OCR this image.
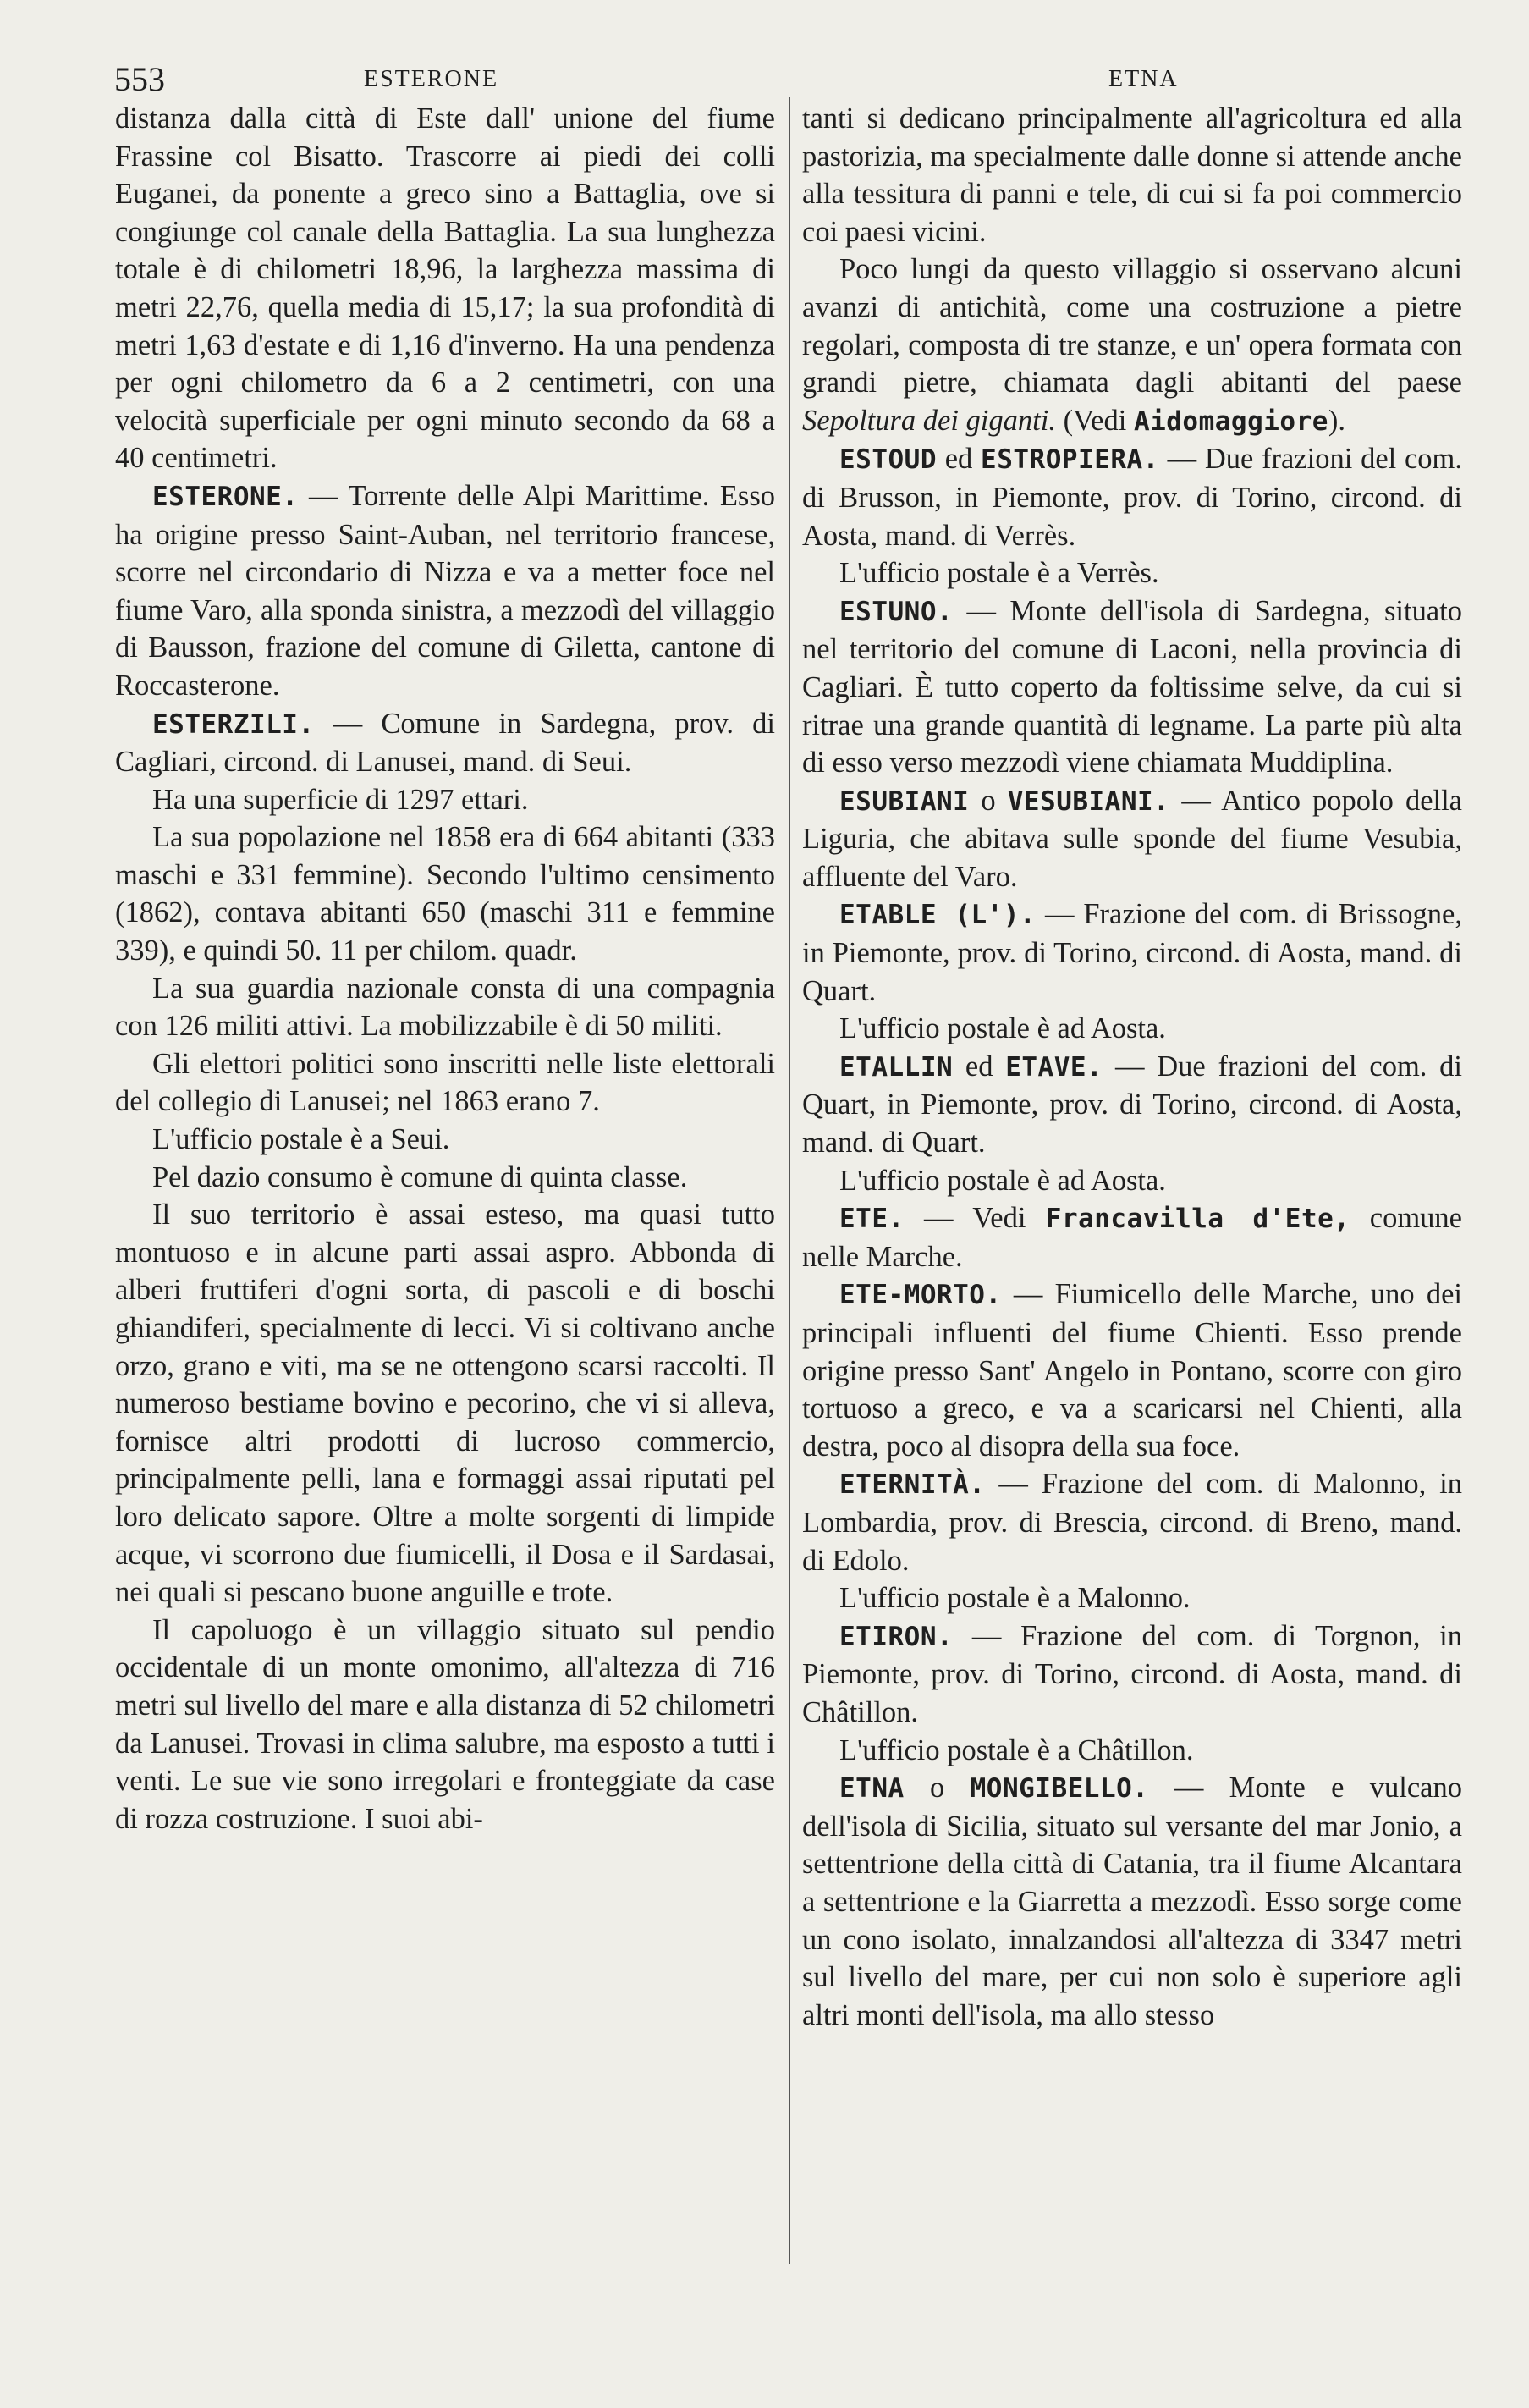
553	ESTERONE	ETNA

distanza dalla città di Este dall' unione del fiume Frassine col Bisatto. Trascorre ai piedi dei colli Euganei, da ponente a greco sino a Battaglia, ove si congiunge col canale della Battaglia. La sua lunghezza totale è di chilometri 18,96, la larghezza massima di metri 22,76, quella media di 15,17; la sua profondità di metri 1,63 d'estate e di 1,16 d'inverno. Ha una pendenza per ogni chilometro da 6 a 2 centimetri, con una velocità superficiale per ogni minuto secondo da 68 a 40 centimetri.

ESTERONE. — Torrente delle Alpi Marittime. Esso ha origine presso Saint-Auban, nel territorio francese, scorre nel circondario di Nizza e va a metter foce nel fiume Varo, alla sponda sinistra, a mezzodì del villaggio di Bausson, frazione del comune di Giletta, cantone di Roccasterone.

ESTERZILI. — Comune in Sardegna, prov. di Cagliari, circond. di Lanusei, mand. di Seui.

Ha una superficie di 1297 ettari.

La sua popolazione nel 1858 era di 664 abitanti (333 maschi e 331 femmine). Secondo l'ultimo censimento (1862), contava abitanti 650 (maschi 311 e femmine 339), e quindi 50. 11 per chilom. quadr.

La sua guardia nazionale consta di una compagnia con 126 militi attivi. La mobilizzabile è di 50 militi.

Gli elettori politici sono inscritti nelle liste elettorali del collegio di Lanusei; nel 1863 erano 7.

L'ufficio postale è a Seui.

Pel dazio consumo è comune di quinta classe.

Il suo territorio è assai esteso, ma quasi tutto montuoso e in alcune parti assai aspro. Abbonda di alberi fruttiferi d'ogni sorta, di pascoli e di boschi ghiandiferi, specialmente di lecci. Vi si coltivano anche orzo, grano e viti, ma se ne ottengono scarsi raccolti. Il numeroso bestiame bovino e pecorino, che vi si alleva, fornisce altri prodotti di lucroso commercio, principalmente pelli, lana e formaggi assai riputati pel loro delicato sapore. Oltre a molte sorgenti di limpide acque, vi scorrono due fiumicelli, il Dosa e il Sardasai, nei quali si pescano buone anguille e trote.

Il capoluogo è un villaggio situato sul pendio occidentale di un monte omonimo, all'altezza di 716 metri sul livello del mare e alla distanza di 52 chilometri da Lanusei. Trovasi in clima salubre, ma esposto a tutti i venti. Le sue vie sono irregolari e fronteggiate da case di rozza costruzione. I suoi abi-

tanti si dedicano principalmente all'agricoltura ed alla pastorizia, ma specialmente dalle donne si attende anche alla tessitura di panni e tele, di cui si fa poi commercio coi paesi vicini.

Poco lungi da questo villaggio si osservano alcuni avanzi di antichità, come una costruzione a pietre regolari, composta di tre stanze, e un' opera formata con grandi pietre, chiamata dagli abitanti del paese Sepoltura dei giganti. (Vedi Aidomaggiore).

ESTOUD ed ESTROPIERA. — Due frazioni del com. di Brusson, in Piemonte, prov. di Torino, circond. di Aosta, mand. di Verrès.

L'ufficio postale è a Verrès.

ESTUNO. — Monte dell'isola di Sardegna, situato nel territorio del comune di Laconi, nella provincia di Cagliari. È tutto coperto da foltissime selve, da cui si ritrae una grande quantità di legname. La parte più alta di esso verso mezzodì viene chiamata Muddiplina.

ESUBIANI o VESUBIANI. — Antico popolo della Liguria, che abitava sulle sponde del fiume Vesubia, affluente del Varo.

ETABLE (L'). — Frazione del com. di Brissogne, in Piemonte, prov. di Torino, circond. di Aosta, mand. di Quart.

L'ufficio postale è ad Aosta.

ETALLIN ed ETAVE. — Due frazioni del com. di Quart, in Piemonte, prov. di Torino, circond. di Aosta, mand. di Quart.

L'ufficio postale è ad Aosta.

ETE. — Vedi Francavilla d'Ete, comune nelle Marche.

ETE-MORTO. — Fiumicello delle Marche, uno dei principali influenti del fiume Chienti. Esso prende origine presso Sant' Angelo in Pontano, scorre con giro tortuoso a greco, e va a scaricarsi nel Chienti, alla destra, poco al disopra della sua foce.

ETERNITÀ. — Frazione del com. di Malonno, in Lombardia, prov. di Brescia, circond. di Breno, mand. di Edolo.

L'ufficio postale è a Malonno.

ETIRON. — Frazione del com. di Torgnon, in Piemonte, prov. di Torino, circond. di Aosta, mand. di Châtillon.

L'ufficio postale è a Châtillon.

ETNA o MONGIBELLO. — Monte e vulcano dell'isola di Sicilia, situato sul versante del mar Jonio, a settentrione della città di Catania, tra il fiume Alcantara a settentrione e la Giarretta a mezzodì. Esso sorge come un cono isolato, innalzandosi all'altezza di 3347 metri sul livello del mare, per cui non solo è superiore agli altri monti dell'isola, ma allo stesso
